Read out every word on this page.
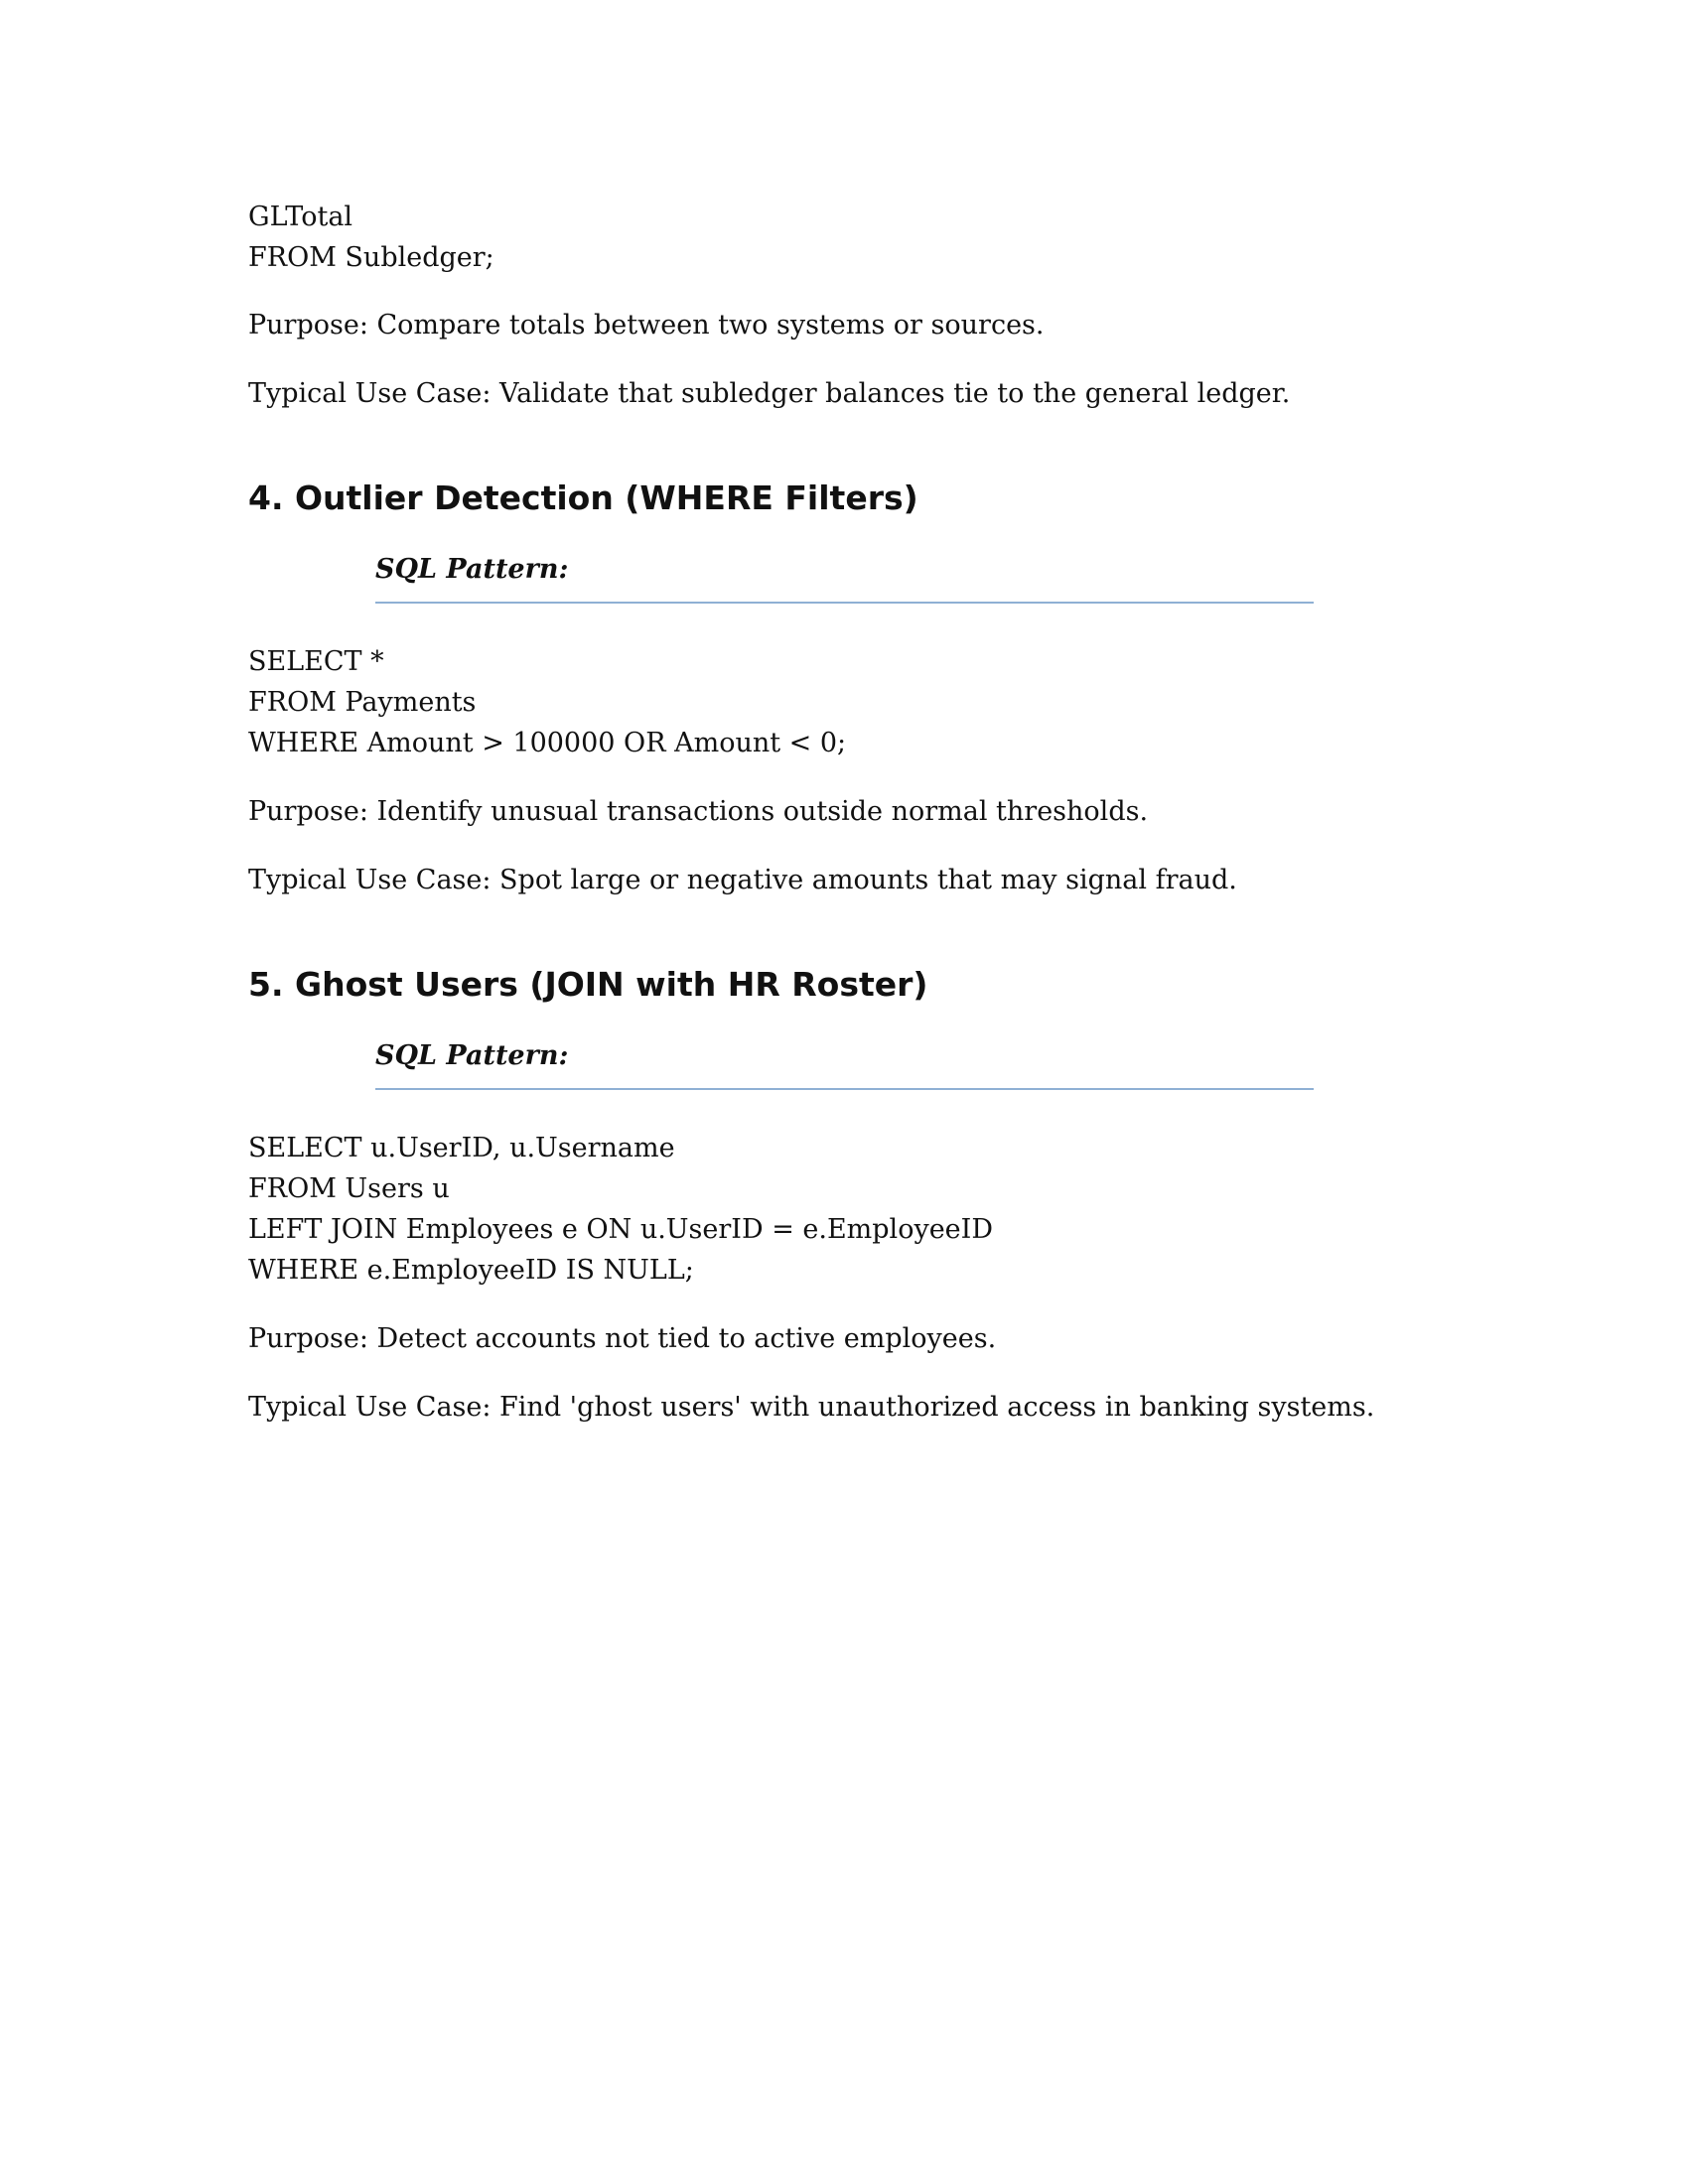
GLTotal
FROM Subledger;
Purpose: Compare totals between two systems or sources.
Typical Use Case: Validate that subledger balances tie to the general ledger.
4. Outlier Detection (WHERE Filters)
SQL Pattern:
SELECT *
FROM Payments
WHERE Amount > 100000 OR Amount < 0;
Purpose: Identify unusual transactions outside normal thresholds.
Typical Use Case: Spot large or negative amounts that may signal fraud.
5. Ghost Users (JOIN with HR Roster)
SQL Pattern:
SELECT u.UserID, u.Username
FROM Users u
LEFT JOIN Employees e ON u.UserID = e.EmployeeID
WHERE e.EmployeeID IS NULL;
Purpose: Detect accounts not tied to active employees.
Typical Use Case: Find 'ghost users' with unauthorized access in banking systems.
